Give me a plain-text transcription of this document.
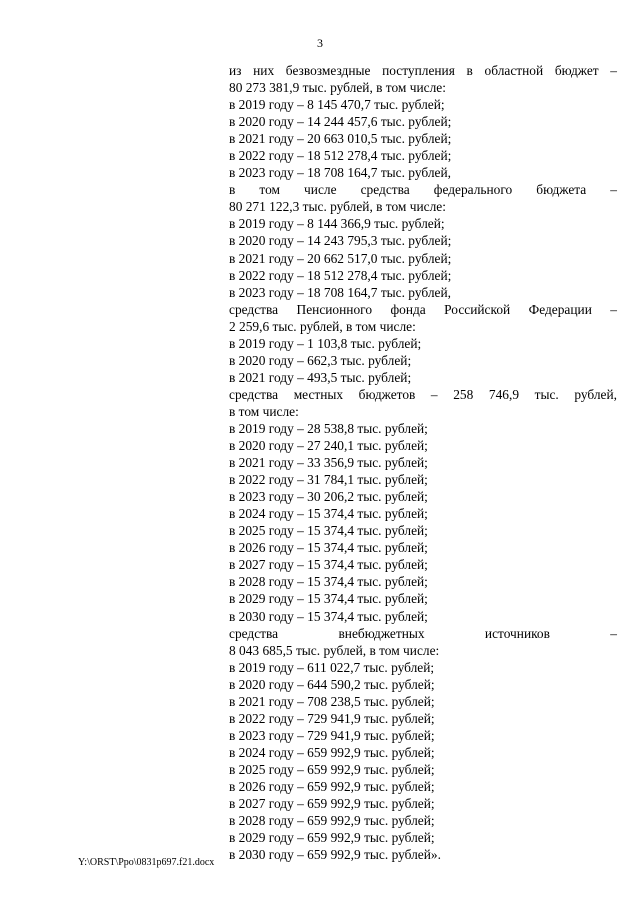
3
из них безвозмездные поступления в областной бюджет –
80 273 381,9 тыс. рублей, в том числе:
в 2019 году – 8 145 470,7 тыс. рублей;
в 2020 году – 14 244 457,6 тыс. рублей;
в 2021 году – 20 663 010,5 тыс. рублей;
в 2022 году – 18 512 278,4 тыс. рублей;
в 2023 году – 18 708 164,7 тыс. рублей,
в том числе средства федерального бюджета –
80 271 122,3 тыс. рублей, в том числе:
в 2019 году – 8 144 366,9 тыс. рублей;
в 2020 году – 14 243 795,3 тыс. рублей;
в 2021 году – 20 662 517,0 тыс. рублей;
в 2022 году – 18 512 278,4 тыс. рублей;
в 2023 году – 18 708 164,7 тыс. рублей,
средства Пенсионного фонда Российской Федерации –
2 259,6 тыс. рублей, в том числе:
в 2019 году – 1 103,8 тыс. рублей;
в 2020 году – 662,3 тыс. рублей;
в 2021 году – 493,5 тыс. рублей;
средства местных бюджетов – 258 746,9 тыс. рублей,
в том числе:
в 2019 году – 28 538,8 тыс. рублей;
в 2020 году – 27 240,1 тыс. рублей;
в 2021 году – 33 356,9 тыс. рублей;
в 2022 году – 31 784,1 тыс. рублей;
в 2023 году – 30 206,2 тыс. рублей;
в 2024 году – 15 374,4 тыс. рублей;
в 2025 году – 15 374,4 тыс. рублей;
в 2026 году – 15 374,4 тыс. рублей;
в 2027 году – 15 374,4 тыс. рублей;
в 2028 году – 15 374,4 тыс. рублей;
в 2029 году – 15 374,4 тыс. рублей;
в 2030 году – 15 374,4 тыс. рублей;
средства внебюджетных источников –
8 043 685,5 тыс. рублей, в том числе:
в 2019 году – 611 022,7 тыс. рублей;
в 2020 году – 644 590,2 тыс. рублей;
в 2021 году – 708 238,5 тыс. рублей;
в 2022 году – 729 941,9 тыс. рублей;
в 2023 году – 729 941,9 тыс. рублей;
в 2024 году – 659 992,9 тыс. рублей;
в 2025 году – 659 992,9 тыс. рублей;
в 2026 году – 659 992,9 тыс. рублей;
в 2027 году – 659 992,9 тыс. рублей;
в 2028 году – 659 992,9 тыс. рублей;
в 2029 году – 659 992,9 тыс. рублей;
в 2030 году – 659 992,9 тыс. рублей».
Y:\ORST\Ppo\0831p697.f21.docx
